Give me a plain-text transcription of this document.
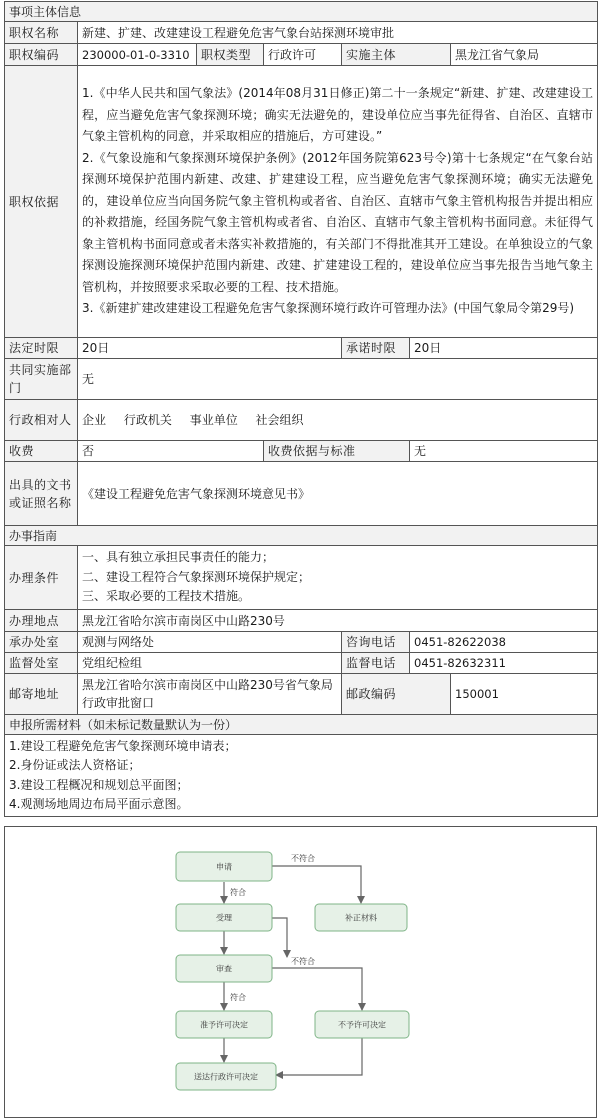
事项主体信息						
职权名称	新建、扩建、改建建设工程避免危害气象台站探测环境审批					
职权编码	230000-01-0-3310	职权类型	行政许可	实施主体		黑龙江省气象局
职权依据	1.《中华人民共和国气象法》(2014年08月31日修正)第二十一条规定“新建、扩建、改建建设工程，应当避免危害气象探测环境；确实无法避免的，建设单位应当事先征得省、自治区、直辖市气象主管机构的同意，并采取相应的措施后，方可建设。”

2.《气象设施和气象探测环境保护条例》(2012年国务院第623号令)第十七条规定“在气象台站探测环境保护范围内新建、改建、扩建建设工程，应当避免危害气象探测环境；确实无法避免的，建设单位应当向国务院气象主管机构或者省、自治区、直辖市气象主管机构报告并提出相应的补救措施，经国务院气象主管机构或者省、自治区、直辖市气象主管机构书面同意。未征得气象主管机构书面同意或者未落实补救措施的，有关部门不得批准其开工建设。在单独设立的气象探测设施探测环境保护范围内新建、改建、扩建建设工程的，建设单位应当事先报告当地气象主管机构，并按照要求采取必要的工程、技术措施。

3.《新建扩建改建建设工程避免危害气象探测环境行政许可管理办法》(中国气象局令第29号)					

法定时限	20日			承诺时限	20日	
共同实施部门	无					
行政相对人	企业 行政机关 事业单位 社会组织					
收费	否		收费依据与标准		无	
出具的文书或证照名称	《建设工程避免危害气象探测环境意见书》					
办事指南						
办理条件	一、具有独立承担民事责任的能力；

二、建设工程符合气象探测环境保护规定；

三、采取必要的工程技术措施。					

办理地点	黑龙江省哈尔滨市南岗区中山路230号					
承办处室	观测与网络处			咨询电话	0451-82622038	
监督处室	党组纪检组			监督电话	0451-82632311	
邮寄地址	黑龙江省哈尔滨市南岗区中山路230号省气象局行政审批窗口			邮政编码		150001
申报所需材料（如未标记数量默认为一份）						

1.建设工程避免危害气象探测环境申请表；

2.身份证或法人资格证；

3.建设工程概况和规划总平面图；

4.观测场地周边布局平面示意图。						

申请
受理	补正材料
审查
准予许可决定	不予许可决定
送达行政许可决定
符合
不符合
符合
不符合
